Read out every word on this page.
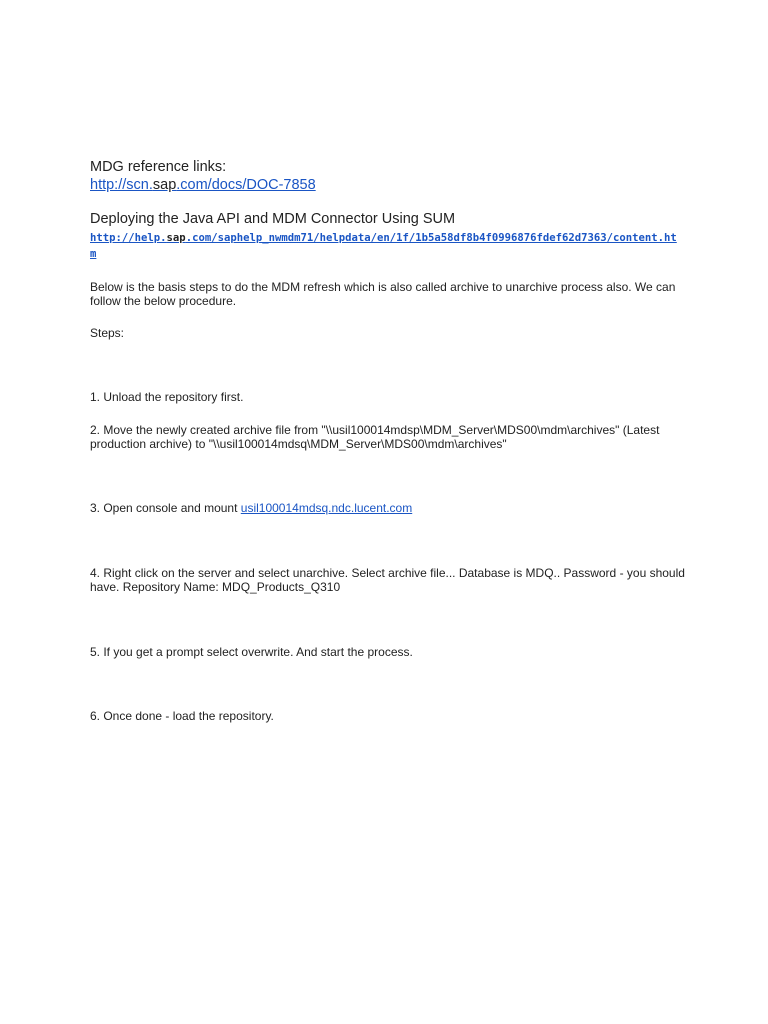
MDG reference links:
http://scn.sap.com/docs/DOC-7858
Deploying the Java API and MDM Connector Using SUM
http://help.sap.com/saphelp_nwmdm71/helpdata/en/1f/1b5a58df8b4f0996876fdef62d7363/content.htm
Below is the basis steps to do the MDM refresh which is also called archive to unarchive process also. We can follow the below procedure.
Steps:
1. Unload the repository first.
2. Move the newly created archive file from "\\usil100014mdsp\MDM_Server\MDS00\mdm\archives" (Latest production archive) to "\\usil100014mdsq\MDM_Server\MDS00\mdm\archives"
3. Open console and mount usil100014mdsq.ndc.lucent.com
4. Right click on the server and select unarchive. Select archive file... Database is MDQ.. Password - you should have. Repository Name: MDQ_Products_Q310
5. If you get a prompt select overwrite. And start the process.
6. Once done - load the repository.
